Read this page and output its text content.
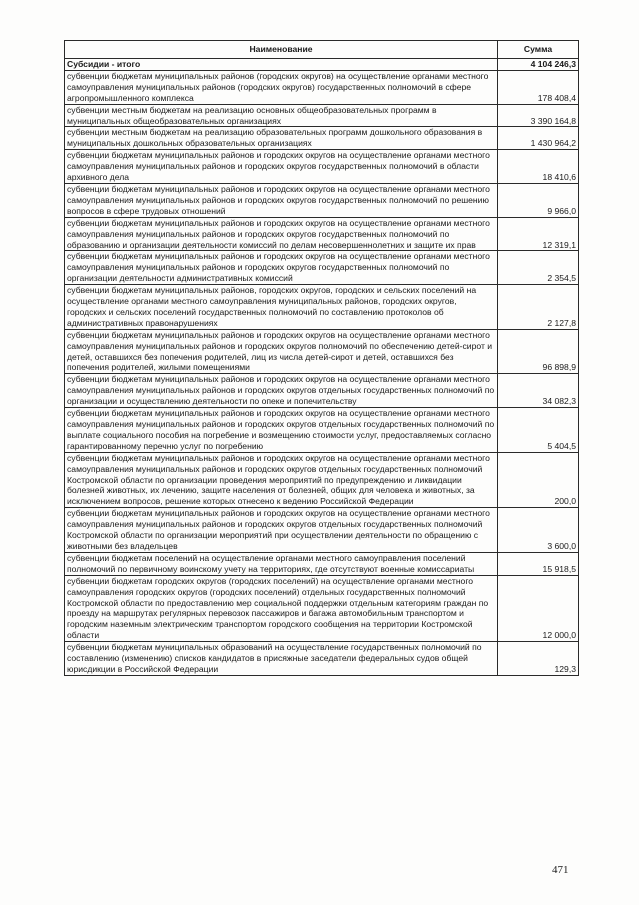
Наименование	Сумма
Субсидии - итого	4 104 246,3
субвенции бюджетам муниципальных районов (городских округов) на осуществление органами местного самоуправления муниципальных районов (городских округов) государственных полномочий в сфере агропромышленного комплекса	178 408,4
субвенции местным бюджетам на реализацию основных общеобразовательных программ в муниципальных общеобразовательных организациях	3 390 164,8
субвенции местным бюджетам на реализацию образовательных программ дошкольного образования в муниципальных дошкольных образовательных организациях	1 430 964,2
субвенции бюджетам муниципальных районов и городских округов на осуществление органами местного самоуправления муниципальных районов и городских округов государственных полномочий в области архивного дела	18 410,6
субвенции бюджетам муниципальных районов и городских округов на осуществление органами местного самоуправления муниципальных районов и городских округов государственных полномочий по решению вопросов в сфере трудовых отношений	9 966,0
субвенции бюджетам муниципальных районов и городских округов на осуществление органами местного самоуправления муниципальных районов и городских округов государственных полномочий по образованию и организации деятельности комиссий по делам несовершеннолетних и защите их прав	12 319,1
субвенции бюджетам муниципальных районов и городских округов на осуществление органами местного самоуправления муниципальных районов и городских округов государственных полномочий по организации деятельности административных комиссий	2 354,5
субвенции бюджетам муниципальных районов, городских округов, городских и сельских поселений на осуществление органами местного самоуправления муниципальных районов, городских округов, городских и сельских поселений государственных полномочий по составлению протоколов об административных правонарушениях	2 127,8
субвенции бюджетам муниципальных районов и городских округов на осуществление органами местного самоуправления муниципальных районов и городских округов полномочий по обеспечению детей-сирот и детей, оставшихся без попечения родителей, лиц из числа детей-сирот и детей, оставшихся без попечения родителей, жилыми помещениями	96 898,9
субвенции бюджетам муниципальных районов и городских округов на осуществление органами местного самоуправления муниципальных районов и городских округов отдельных государственных полномочий по организации и осуществлению деятельности по опеке и попечительству	34 082,3
субвенции бюджетам муниципальных районов и городских округов на осуществление органами местного самоуправления муниципальных районов и городских округов отдельных государственных полномочий по выплате социального пособия на погребение и возмещению стоимости услуг, предоставляемых согласно гарантированному перечню услуг по погребению	5 404,5
субвенции бюджетам муниципальных районов и городских округов на осуществление органами местного самоуправления муниципальных районов и городских округов отдельных государственных полномочий Костромской области по организации проведения мероприятий по предупреждению и ликвидации болезней животных, их лечению, защите населения от болезней, общих для человека и животных, за исключением вопросов, решение которых отнесено к ведению Российской Федерации	200,0
субвенции бюджетам муниципальных районов и городских округов на осуществление органами местного самоуправления муниципальных районов и городских округов отдельных государственных полномочий Костромской области по организации мероприятий при осуществлении деятельности по обращению с животными без владельцев	3 600,0
субвенции бюджетам поселений на осуществление органами местного самоуправления поселений полномочий по первичному воинскому учету на территориях, где отсутствуют военные комиссариаты	15 918,5
субвенции бюджетам городских округов (городских поселений) на осуществление органами местного самоуправления городских округов (городских поселений) отдельных государственных полномочий Костромской области по предоставлению мер социальной поддержки отдельным категориям граждан по проезду на маршрутах регулярных перевозок пассажиров и багажа автомобильным транспортом и городским наземным электрическим транспортом городского сообщения на территории Костромской области	12 000,0
субвенции бюджетам муниципальных образований на осуществление государственных полномочий по составлению (изменению) списков кандидатов в присяжные заседатели федеральных судов общей юрисдикции в Российской Федерации	129,3
471
